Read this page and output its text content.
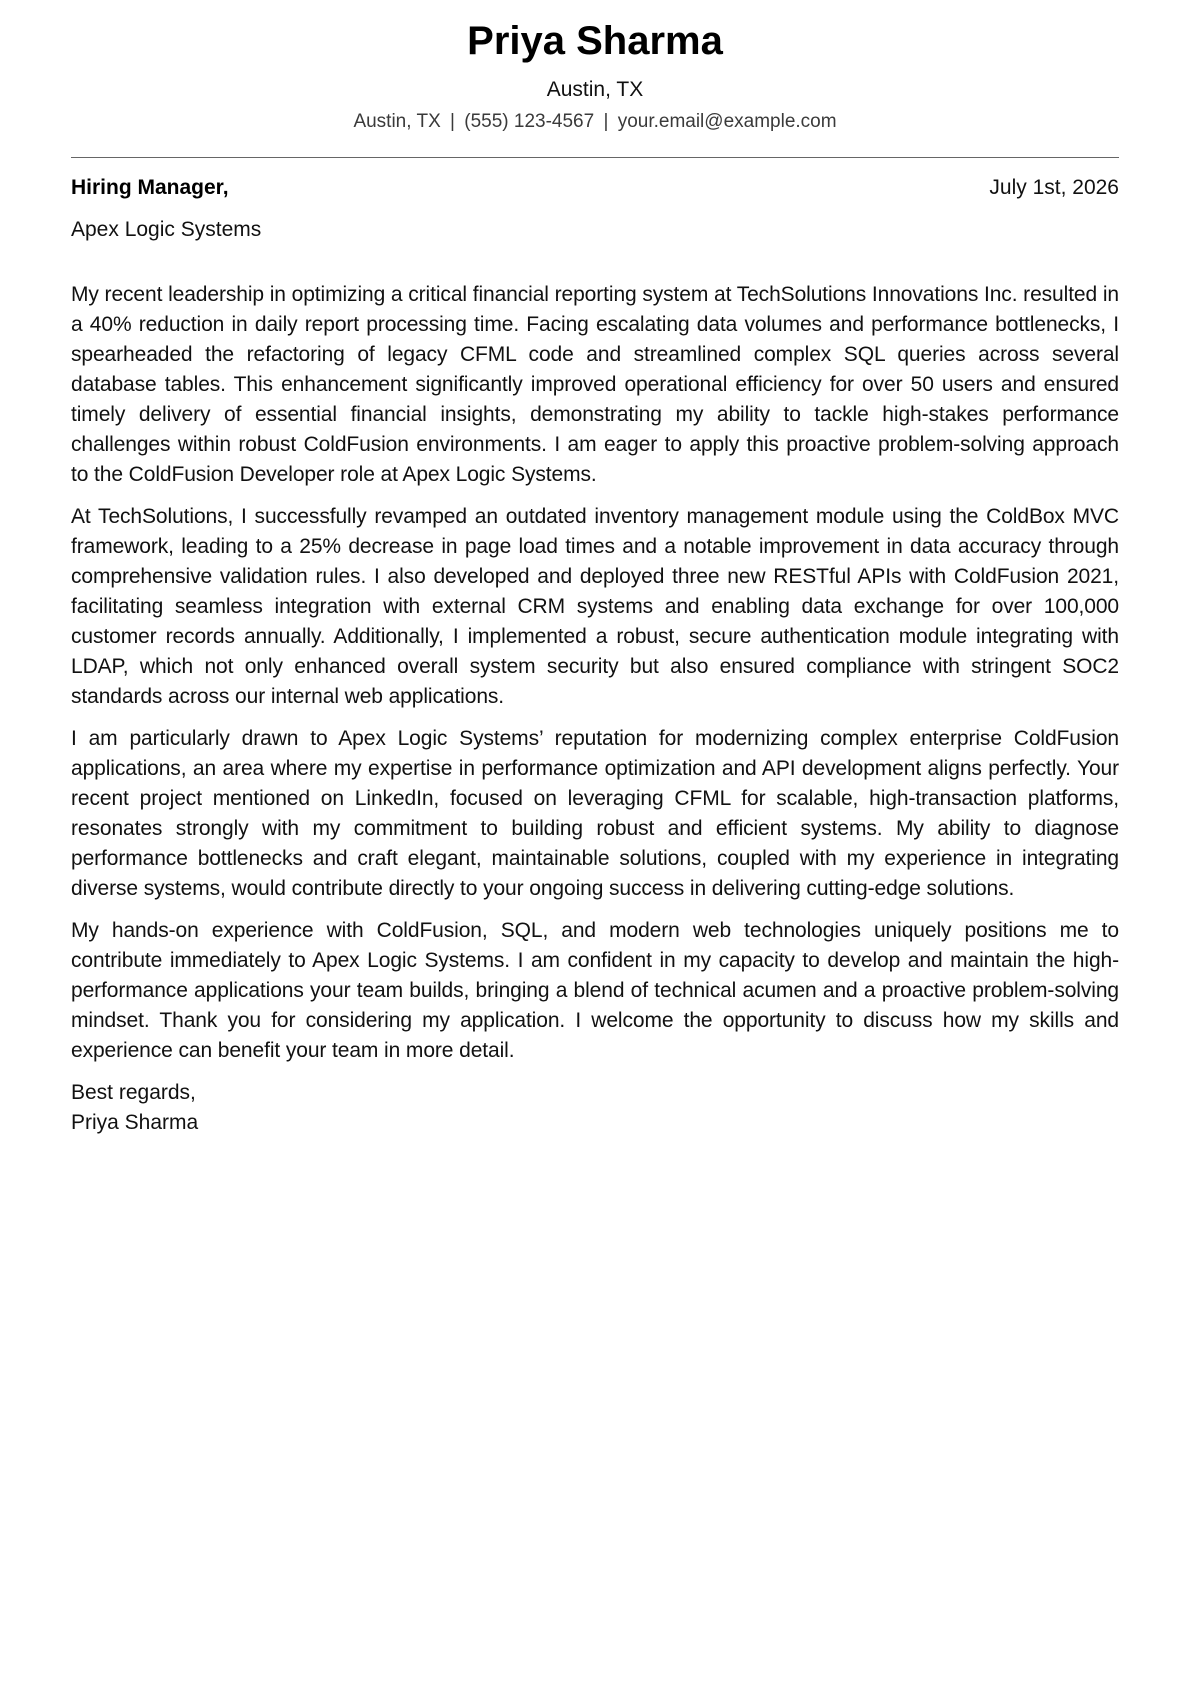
Priya Sharma
Austin, TX
Austin, TX | (555) 123-4567 | your.email@example.com
Hiring Manager,	July 1st, 2026
Apex Logic Systems

My recent leadership in optimizing a critical financial reporting system at TechSolutions Innovations Inc. resulted in a 40% reduction in daily report processing time. Facing escalating data volumes and performance bottlenecks, I spearheaded the refactoring of legacy CFML code and streamlined complex SQL queries across several database tables. This enhancement significantly improved operational efficiency for over 50 users and ensured timely delivery of essential financial insights, demonstrating my ability to tackle high-stakes performance challenges within robust ColdFusion environments. I am eager to apply this proactive problem-solving approach to the ColdFusion Developer role at Apex Logic Systems.

At TechSolutions, I successfully revamped an outdated inventory management module using the ColdBox MVC framework, leading to a 25% decrease in page load times and a notable improvement in data accuracy through comprehensive validation rules. I also developed and deployed three new RESTful APIs with ColdFusion 2021, facilitating seamless integration with external CRM systems and enabling data exchange for over 100,000 customer records annually. Additionally, I implemented a robust, secure authentication module integrating with LDAP, which not only enhanced overall system security but also ensured compliance with stringent SOC2 standards across our internal web applications.

I am particularly drawn to Apex Logic Systems’ reputation for modernizing complex enterprise ColdFusion applications, an area where my expertise in performance optimization and API development aligns perfectly. Your recent project mentioned on LinkedIn, focused on leveraging CFML for scalable, high-transaction platforms, resonates strongly with my commitment to building robust and efficient systems. My ability to diagnose performance bottlenecks and craft elegant, maintainable solutions, coupled with my experience in integrating diverse systems, would contribute directly to your ongoing success in delivering cutting-edge solutions.

My hands-on experience with ColdFusion, SQL, and modern web technologies uniquely positions me to contribute immediately to Apex Logic Systems. I am confident in my capacity to develop and maintain the high-performance applications your team builds, bringing a blend of technical acumen and a proactive problem-solving mindset. Thank you for considering my application. I welcome the opportunity to discuss how my skills and experience can benefit your team in more detail.

Best regards,
Priya Sharma
